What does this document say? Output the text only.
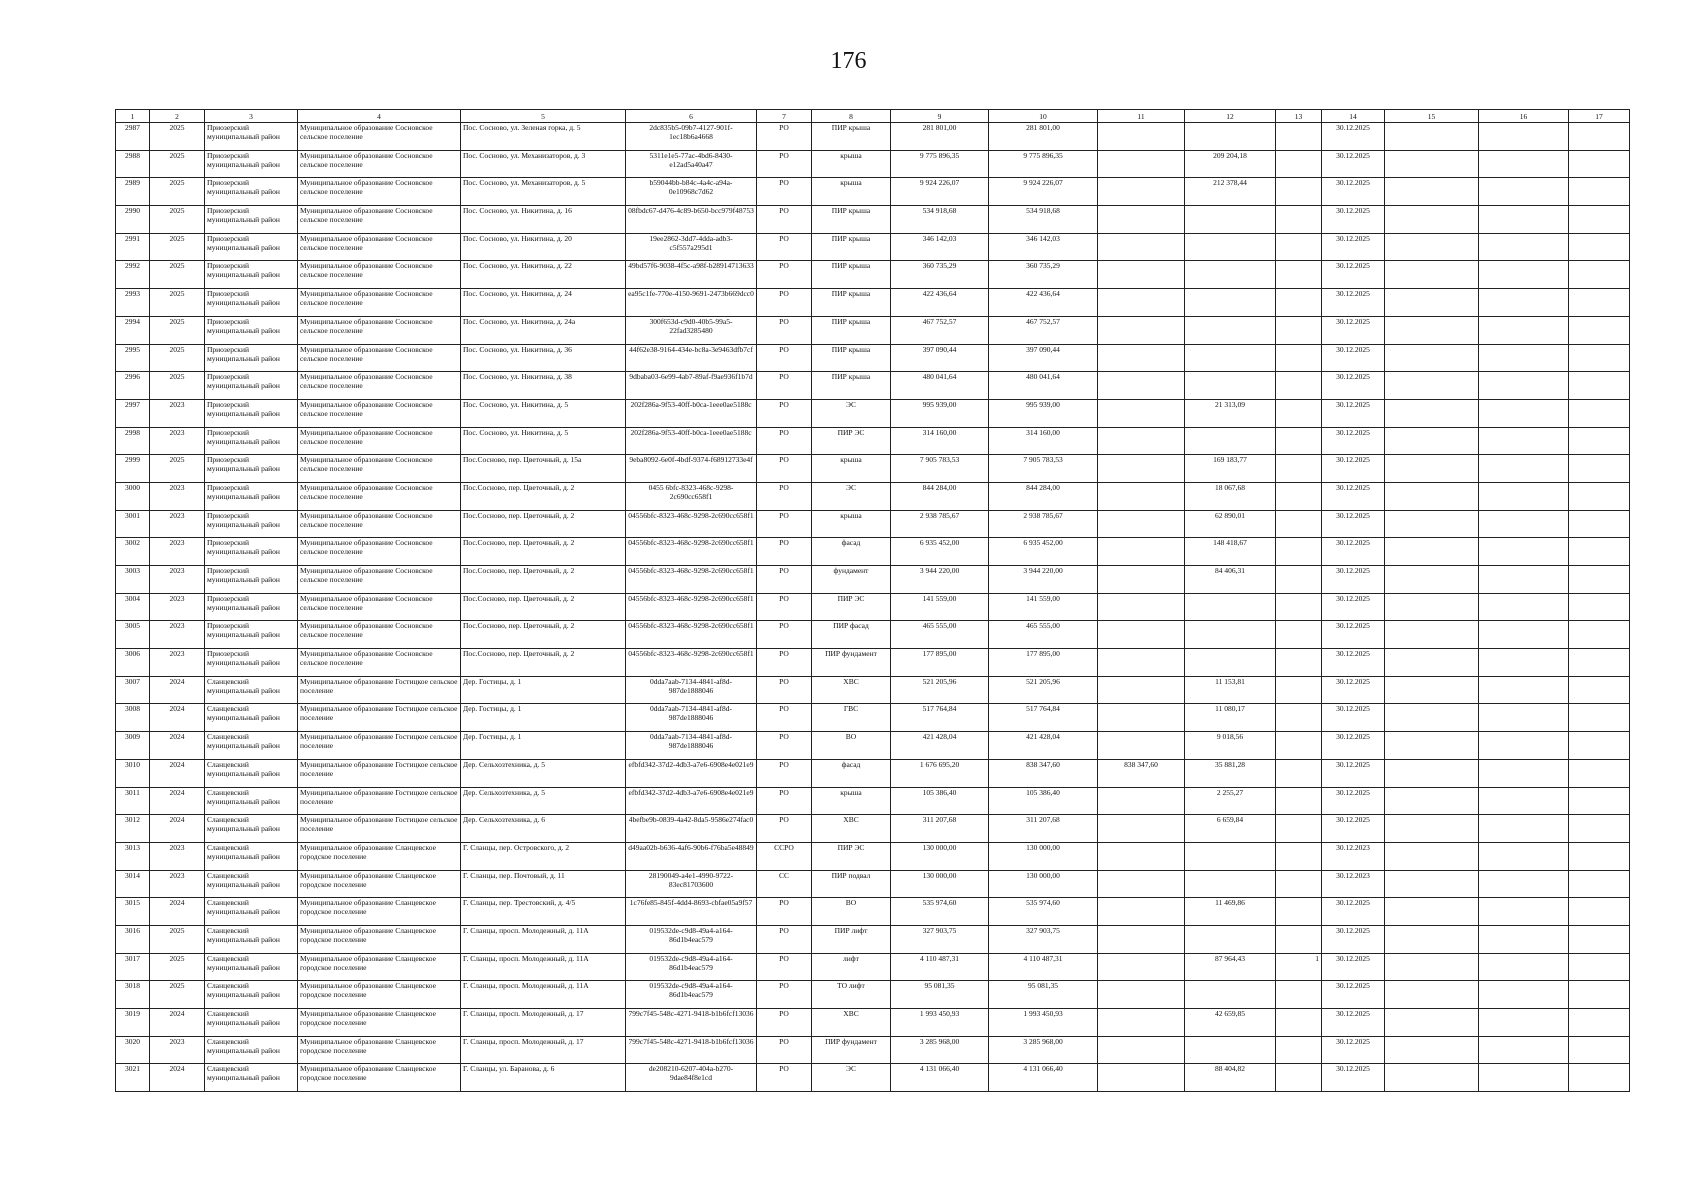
176
1	2	3	4	5	6	7	8	9	10	11	12	13	14	15	16	17
2987	2025	Приозерский муниципальный район	Муниципальное образование Сосновское сельское поселение	Пос. Сосново, ул. Зеленая горка, д. 5	2dc835b5-09b7-4127-901f-1ec18b6a4668	РО	ПИР крыша	281 801,00	281 801,00				30.12.2025			
2988	2025	Приозерский муниципальный район	Муниципальное образование Сосновское сельское поселение	Пос. Сосново, ул. Механизаторов, д. 3	5311e1e5-77ac-4bd6-8430-e12ad5a40a47	РО	крыша	9 775 896,35	9 775 896,35		209 204,18		30.12.2025			
2989	2025	Приозерский муниципальный район	Муниципальное образование Сосновское сельское поселение	Пос. Сосново, ул. Механизаторов, д. 5	b59044bb-b84c-4a4c-a94a-0e10968c7d62	РО	крыша	9 924 226,07	9 924 226,07		212 378,44		30.12.2025			
2990	2025	Приозерский муниципальный район	Муниципальное образование Сосновское сельское поселение	Пос. Сосново, ул. Никитина, д. 16	08fbdc67-d476-4c89-b650-bcc979f48753	РО	ПИР крыша	534 918,68	534 918,68				30.12.2025			
2991	2025	Приозерский муниципальный район	Муниципальное образование Сосновское сельское поселение	Пос. Сосново, ул. Никитина, д. 20	19ee2862-3dd7-4dda-adb3-c5f557a295d1	РО	ПИР крыша	346 142,03	346 142,03				30.12.2025			
2992	2025	Приозерский муниципальный район	Муниципальное образование Сосновское сельское поселение	Пос. Сосново, ул. Никитина, д. 22	49bd57f6-9038-4f5c-a98f-b28914713633	РО	ПИР крыша	360 735,29	360 735,29				30.12.2025			
2993	2025	Приозерский муниципальный район	Муниципальное образование Сосновское сельское поселение	Пос. Сосново, ул. Никитина, д. 24	ea95c1fe-770e-4150-9691-2473b669dcc0	РО	ПИР крыша	422 436,64	422 436,64				30.12.2025			
2994	2025	Приозерский муниципальный район	Муниципальное образование Сосновское сельское поселение	Пос. Сосново, ул. Никитина, д. 24а	300f653d-c9d0-40b5-99a5-22fad3285480	РО	ПИР крыша	467 752,57	467 752,57				30.12.2025			
2995	2025	Приозерский муниципальный район	Муниципальное образование Сосновское сельское поселение	Пос. Сосново, ул. Никитина, д. 36	44f62e38-9164-434e-bc8a-3e9463dfb7cf	РО	ПИР крыша	397 090,44	397 090,44				30.12.2025			
2996	2025	Приозерский муниципальный район	Муниципальное образование Сосновское сельское поселение	Пос. Сосново, ул. Никитина, д. 38	9dbaba03-6e99-4ab7-89af-f9ae936f1b7d	РО	ПИР крыша	480 041,64	480 041,64				30.12.2025			
2997	2023	Приозерский муниципальный район	Муниципальное образование Сосновское сельское поселение	Пос. Сосново, ул. Никитина, д. 5	202f286a-9f53-40ff-b0ca-1eee0ae5188c	РО	ЭС	995 939,00	995 939,00		21 313,09		30.12.2025			
2998	2023	Приозерский муниципальный район	Муниципальное образование Сосновское сельское поселение	Пос. Сосново, ул. Никитина, д. 5	202f286a-9f53-40ff-b0ca-1eee0ae5188c	РО	ПИР ЭС	314 160,00	314 160,00				30.12.2025			
2999	2025	Приозерский муниципальный район	Муниципальное образование Сосновское сельское поселение	Пос.Сосново, пер. Цветочный, д. 15а	9eba8092-6e0f-4bdf-9374-f68912733e4f	РО	крыша	7 905 783,53	7 905 783,53		169 183,77		30.12.2025			
3000	2023	Приозерский муниципальный район	Муниципальное образование Сосновское сельское поселение	Пос.Сосново, пер. Цветочный, д. 2	0455 6bfc-8323-468c-9298-2c690cc658f1	РО	ЭС	844 284,00	844 284,00		18 067,68		30.12.2025			
3001	2023	Приозерский муниципальный район	Муниципальное образование Сосновское сельское поселение	Пос.Сосново, пер. Цветочный, д. 2	04556bfc-8323-468c-9298-2c690cc658f1	РО	крыша	2 938 785,67	2 938 785,67		62 890,01		30.12.2025			
3002	2023	Приозерский муниципальный район	Муниципальное образование Сосновское сельское поселение	Пос.Сосново, пер. Цветочный, д. 2	04556bfc-8323-468c-9298-2c690cc658f1	РО	фасад	6 935 452,00	6 935 452,00		148 418,67		30.12.2025			
3003	2023	Приозерский муниципальный район	Муниципальное образование Сосновское сельское поселение	Пос.Сосново, пер. Цветочный, д. 2	04556bfc-8323-468c-9298-2c690cc658f1	РО	фундамент	3 944 220,00	3 944 220,00		84 406,31		30.12.2025			
3004	2023	Приозерский муниципальный район	Муниципальное образование Сосновское сельское поселение	Пос.Сосново, пер. Цветочный, д. 2	04556bfc-8323-468c-9298-2c690cc658f1	РО	ПИР ЭС	141 559,00	141 559,00				30.12.2025			
3005	2023	Приозерский муниципальный район	Муниципальное образование Сосновское сельское поселение	Пос.Сосново, пер. Цветочный, д. 2	04556bfc-8323-468c-9298-2c690cc658f1	РО	ПИР фасад	465 555,00	465 555,00				30.12.2025			
3006	2023	Приозерский муниципальный район	Муниципальное образование Сосновское сельское поселение	Пос.Сосново, пер. Цветочный, д. 2	04556bfc-8323-468c-9298-2c690cc658f1	РО	ПИР фундамент	177 895,00	177 895,00				30.12.2025			
3007	2024	Сланцевский муниципальный район	Муниципальное образование Гостицкое сельское поселение	Дер. Гостицы, д. 1	0dda7aab-7134-4841-af8d-987de1888046	РО	ХВС	521 205,96	521 205,96		11 153,81		30.12.2025			
3008	2024	Сланцевский муниципальный район	Муниципальное образование Гостицкое сельское поселение	Дер. Гостицы, д. 1	0dda7aab-7134-4841-af8d-987de1888046	РО	ГВС	517 764,84	517 764,84		11 080,17		30.12.2025			
3009	2024	Сланцевский муниципальный район	Муниципальное образование Гостицкое сельское поселение	Дер. Гостицы, д. 1	0dda7aab-7134-4841-af8d-987de1888046	РО	ВО	421 428,04	421 428,04		9 018,56		30.12.2025			
3010	2024	Сланцевский муниципальный район	Муниципальное образование Гостицкое сельское поселение	Дер. Сельхозтехника, д. 5	efbfd342-37d2-4db3-a7e6-6908e4e021e9	РО	фасад	1 676 695,20	838 347,60	838 347,60	35 881,28		30.12.2025			
3011	2024	Сланцевский муниципальный район	Муниципальное образование Гостицкое сельское поселение	Дер. Сельхозтехника, д. 5	efbfd342-37d2-4db3-a7e6-6908e4e021e9	РО	крыша	105 386,40	105 386,40		2 255,27		30.12.2025			
3012	2024	Сланцевский муниципальный район	Муниципальное образование Гостицкое сельское поселение	Дер. Сельхозтехника, д. 6	4befbe9b-0839-4a42-8da5-9586e274fac0	РО	ХВС	311 207,68	311 207,68		6 659,84		30.12.2025			
3013	2023	Сланцевский муниципальный район	Муниципальное образование Сланцевское городское поселение	Г. Сланцы, пер. Островского, д. 2	d49aa02b-b636-4af6-90b6-f76ba5e48849	ССРО	ПИР ЭС	130 000,00	130 000,00				30.12.2023			
3014	2023	Сланцевский муниципальный район	Муниципальное образование Сланцевское городское поселение	Г. Сланцы, пер. Почтовый, д. 11	28190049-a4e1-4990-9722-83ec81703600	СС	ПИР подвал	130 000,00	130 000,00				30.12.2023			
3015	2024	Сланцевский муниципальный район	Муниципальное образование Сланцевское городское поселение	Г. Сланцы, пер. Трестовский, д. 4/5	1c76fe85-845f-4dd4-8693-cbfae05a9f57	РО	ВО	535 974,60	535 974,60		11 469,86		30.12.2025			
3016	2025	Сланцевский муниципальный район	Муниципальное образование Сланцевское городское поселение	Г. Сланцы, просп. Молодежный, д. 11А	019532de-c9d8-49a4-a164-86d1b4eac579	РО	ПИР лифт	327 903,75	327 903,75				30.12.2025			
3017	2025	Сланцевский муниципальный район	Муниципальное образование Сланцевское городское поселение	Г. Сланцы, просп. Молодежный, д. 11А	019532de-c9d8-49a4-a164-86d1b4eac579	РО	лифт	4 110 487,31	4 110 487,31		87 964,43	1	30.12.2025			
3018	2025	Сланцевский муниципальный район	Муниципальное образование Сланцевское городское поселение	Г. Сланцы, просп. Молодежный, д. 11А	019532de-c9d8-49a4-a164-86d1b4eac579	РО	ТО лифт	95 081,35	95 081,35				30.12.2025			
3019	2024	Сланцевский муниципальный район	Муниципальное образование Сланцевское городское поселение	Г. Сланцы, просп. Молодежный, д. 17	799c7f45-548c-4271-9418-b1b6fcf13036	РО	ХВС	1 993 450,93	1 993 450,93		42 659,85		30.12.2025			
3020	2023	Сланцевский муниципальный район	Муниципальное образование Сланцевское городское поселение	Г. Сланцы, просп. Молодежный, д. 17	799c7f45-548c-4271-9418-b1b6fcf13036	РО	ПИР фундамент	3 285 968,00	3 285 968,00				30.12.2025			
3021	2024	Сланцевский муниципальный район	Муниципальное образование Сланцевское городское поселение	Г. Сланцы, ул. Баранова, д. 6	de208210-6207-404a-b270-9dae84f8e1cd	РО	ЭС	4 131 066,40	4 131 066,40		88 404,82		30.12.2025			
